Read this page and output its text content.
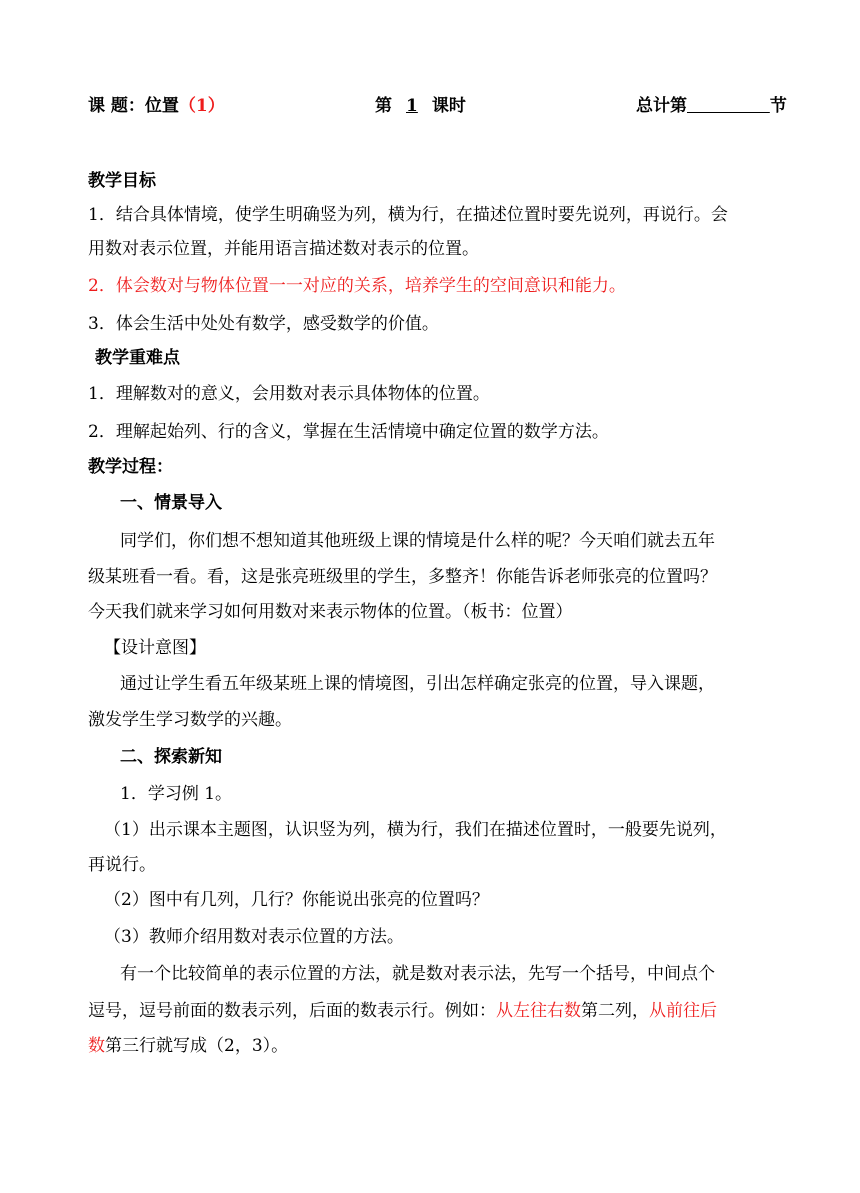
课 题：位置（1）	第 1 课时	总计第       	节
教学目标
1．结合具体情境，使学生明确竖为列，横为行，在描述位置时要先说列，再说行。会
用数对表示位置，并能用语言描述数对表示的位置。
2．体会数对与物体位置一一对应的关系，培养学生的空间意识和能力。
3．体会生活中处处有数学，感受数学的价值。
教学重难点
1．理解数对的意义，会用数对表示具体物体的位置。
2．理解起始列、行的含义，掌握在生活情境中确定位置的数学方法。
教学过程：
一、情景导入
同学们，你们想不想知道其他班级上课的情境是什么样的呢？今天咱们就去五年
级某班看一看。看，这是张亮班级里的学生，多整齐！你能告诉老师张亮的位置吗？
今天我们就来学习如何用数对来表示物体的位置。（板书：位置）
【设计意图】
通过让学生看五年级某班上课的情境图，引出怎样确定张亮的位置，导入课题，
激发学生学习数学的兴趣。
二、探索新知
1．学习例 1。
（1）出示课本主题图，认识竖为列，横为行，我们在描述位置时，一般要先说列，
再说行。
（2）图中有几列，几行？你能说出张亮的位置吗？
（3）教师介绍用数对表示位置的方法。
有一个比较简单的表示位置的方法，就是数对表示法，先写一个括号，中间点个
逗号，逗号前面的数表示列，后面的数表示行。例如：从左往右数第二列，从前往后
数第三行就写成（2，3）。
